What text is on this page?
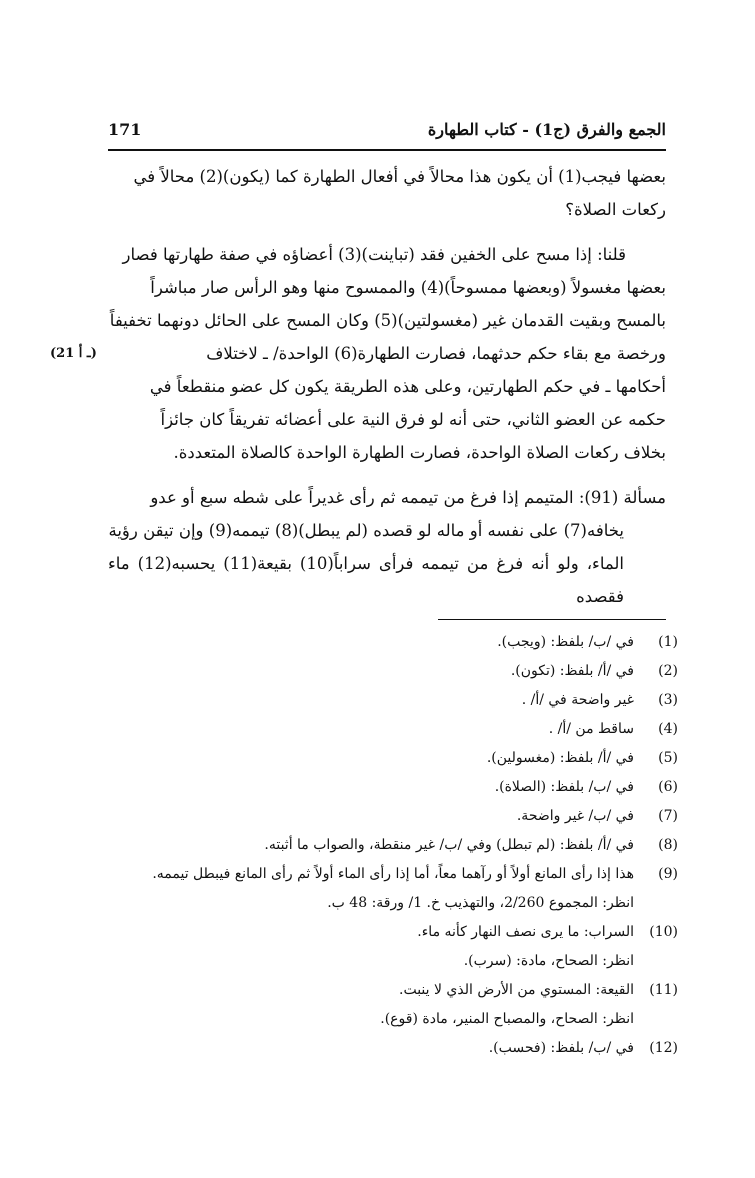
الجمع والفرق (ج1) - كتاب الطهارة
171
بعضها فيجب(1) أن يكون هذا محالاً في أفعال الطهارة كما (يكون)(2) محالاً في
ركعات الصلاة؟
قلنا: إذا مسح على الخفين فقد (تباينت)(3) أعضاؤه في صفة طهارتها فصار
بعضها مغسولاً (وبعضها ممسوحاً)(4) والممسوح منها وهو الرأس صار مباشراً
بالمسح وبقيت القدمان غير (مغسولتين)(5) وكان المسح على الحائل دونهما تخفيفاً
ورخصة مع بقاء حكم حدثهما، فصارت الطهارة(6) الواحدة/ ـ لاختلاف
(21 ـ أ)
أحكامها ـ في حكم الطهارتين، وعلى هذه الطريقة يكون كل عضو منقطعاً في
حكمه عن العضو الثاني، حتى أنه لو فرق النية على أعضائه تفريقاً كان جائزاً
بخلاف ركعات الصلاة الواحدة، فصارت الطهارة الواحدة كالصلاة المتعددة.
مسألة (91): المتيمم إذا فرغ من تيممه ثم رأى غديراً على شطه سبع أو عدو
يخافه(7) على نفسه أو ماله لو قصده (لم يبطل)(8) تيممه(9) وإن تيقن رؤية
الماء، ولو أنه فرغ من تيممه فرأى سراباً(10) بقيعة(11) يحسبه(12) ماء فقصده
(1)
في /ب/ بلفظ: (ويجب).
(2)
في /أ/ بلفظ: (تكون).
(3)
غير واضحة في /أ/ .
(4)
ساقط من /أ/ .
(5)
في /أ/ بلفظ: (مغسولين).
(6)
في /ب/ بلفظ: (الصلاة).
(7)
في /ب/ غير واضحة.
(8)
في /أ/ بلفظ: (لم تبطل) وفي /ب/ غير منقطة، والصواب ما أثبته.
(9)
هذا إذا رأى المانع أولاً أو رآهما معاً، أما إذا رأى الماء أولاً ثم رأى المانع فيبطل تيممه.
انظر: المجموع 2/260، والتهذيب خ. 1/ ورقة: 48 ب.
(10)
السراب: ما يرى نصف النهار كأنه ماء.
انظر: الصحاح، مادة: (سرب).
(11)
القيعة: المستوي من الأرض الذي لا ينبت.
انظر: الصحاح، والمصباح المنير، مادة (قوع).
(12)
في /ب/ بلفظ: (فحسب).
